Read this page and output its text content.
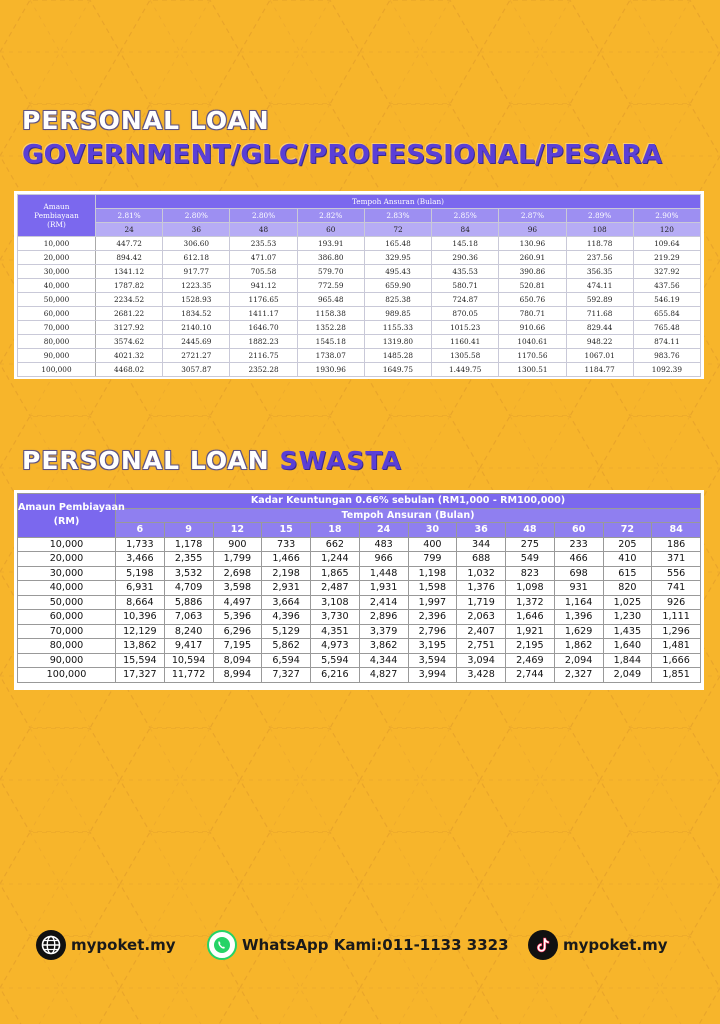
PERSONAL LOAN
GOVERNMENT/GLC/PROFESSIONAL/PESARA
Amaun
Pembiayaan
(RM)	Tempoh Ansuran (Bulan)								
	2.81%	2.80%	2.80%	2.82%	2.83%	2.85%	2.87%	2.89%	2.90%
	24	36	48	60	72	84	96	108	120
10,000	447.72	306.60	235.53	193.91	165.48	145.18	130.96	118.78	109.64
20,000	894.42	612.18	471.07	386.80	329.95	290.36	260.91	237.56	219.29
30,000	1341.12	917.77	705.58	579.70	495.43	435.53	390.86	356.35	327.92
40,000	1787.82	1223.35	941.12	772.59	659.90	580.71	520.81	474.11	437.56
50,000	2234.52	1528.93	1176.65	965.48	825.38	724.87	650.76	592.89	546.19
60,000	2681.22	1834.52	1411.17	1158.38	989.85	870.05	780.71	711.68	655.84
70,000	3127.92	2140.10	1646.70	1352.28	1155.33	1015.23	910.66	829.44	765.48
80,000	3574.62	2445.69	1882.23	1545.18	1319.80	1160.41	1040.61	948.22	874.11
90,000	4021.32	2721.27	2116.75	1738.07	1485.28	1305.58	1170.56	1067.01	983.76
100,000	4468.02	3057.87	2352.28	1930.96	1649.75	1.449.75	1300.51	1184.77	1092.39
PERSONAL LOAN SWASTA
Amaun Pembiayaan
(RM)	Kadar Keuntungan 0.66% sebulan (RM1,000 - RM100,000)											
	Tempoh Ansuran (Bulan)											
	6	9	12	15	18	24	30	36	48	60	72	84
10,000	1,733	1,178	900	733	662	483	400	344	275	233	205	186
20,000	3,466	2,355	1,799	1,466	1,244	966	799	688	549	466	410	371
30,000	5,198	3,532	2,698	2,198	1,865	1,448	1,198	1,032	823	698	615	556
40,000	6,931	4,709	3,598	2,931	2,487	1,931	1,598	1,376	1,098	931	820	741
50,000	8,664	5,886	4,497	3,664	3,108	2,414	1,997	1,719	1,372	1,164	1,025	926
60,000	10,396	7,063	5,396	4,396	3,730	2,896	2,396	2,063	1,646	1,396	1,230	1,111
70,000	12,129	8,240	6,296	5,129	4,351	3,379	2,796	2,407	1,921	1,629	1,435	1,296
80,000	13,862	9,417	7,195	5,862	4,973	3,862	3,195	2,751	2,195	1,862	1,640	1,481
90,000	15,594	10,594	8,094	6,594	5,594	4,344	3,594	3,094	2,469	2,094	1,844	1,666
100,000	17,327	11,772	8,994	7,327	6,216	4,827	3,994	3,428	2,744	2,327	2,049	1,851
mypoket.my	WhatsApp Kami:011-1133 3323	mypoket.my
